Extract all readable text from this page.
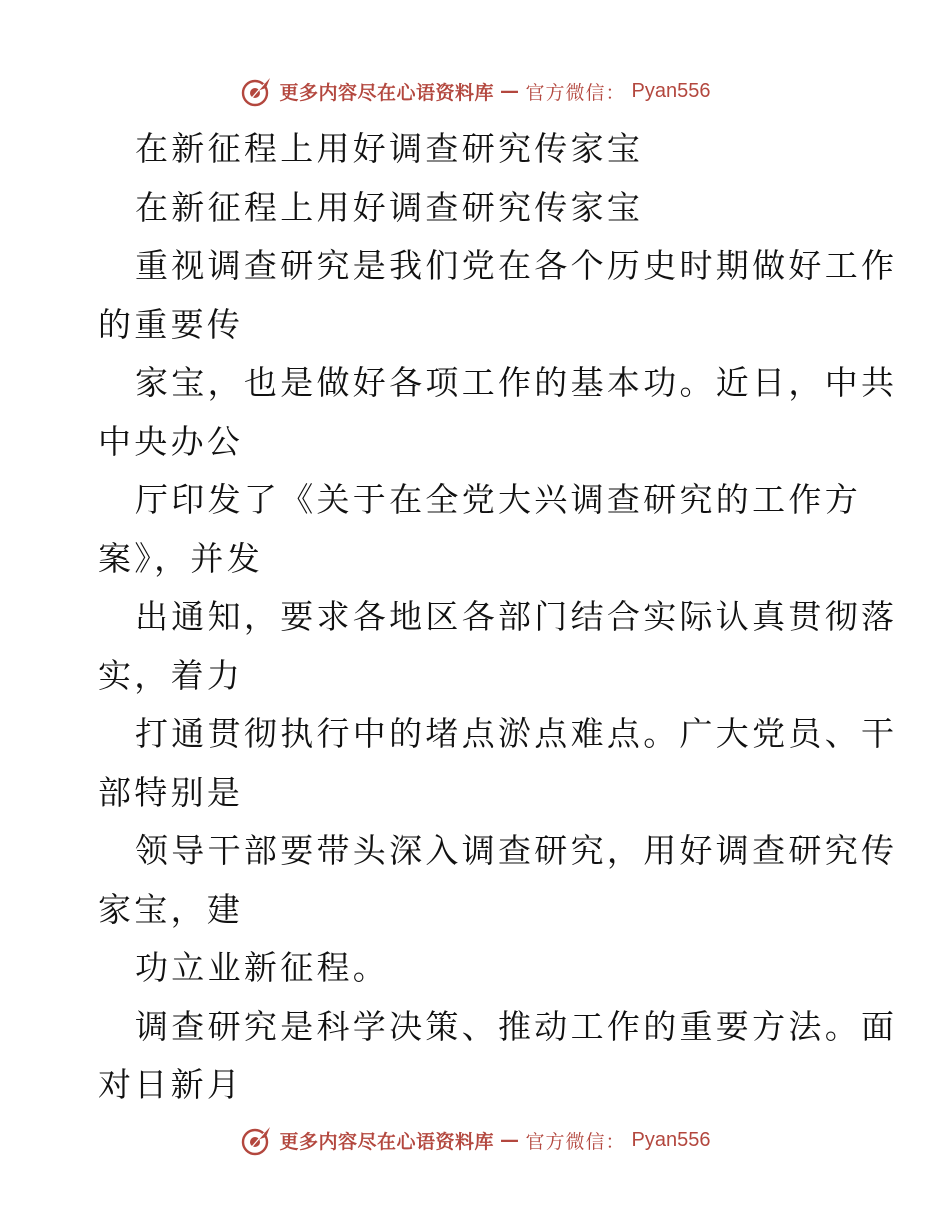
更多内容尽在心语资料库 — 官方微信： Pyan556
在新征程上用好调查研究传家宝
在新征程上用好调查研究传家宝
重视调查研究是我们党在各个历史时期做好工作
的重要传
家宝，也是做好各项工作的基本功。近日，中共
中央办公
厅印发了《关于在全党大兴调查研究的工作方
案》，并发
出通知，要求各地区各部门结合实际认真贯彻落
实，着力
打通贯彻执行中的堵点淤点难点。广大党员、干
部特别是
领导干部要带头深入调查研究，用好调查研究传
家宝，建
功立业新征程。
调查研究是科学决策、推动工作的重要方法。面
对日新月
更多内容尽在心语资料库 — 官方微信： Pyan556
